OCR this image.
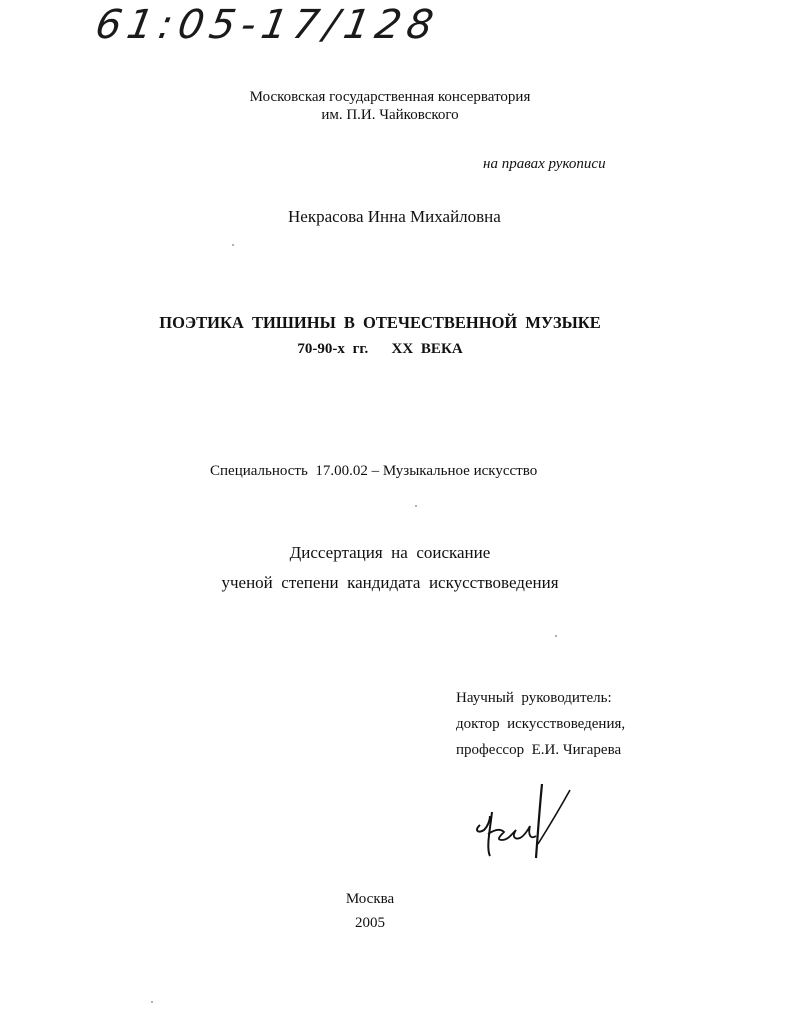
61:05-17/128
Московская государственная консерватория
им. П.И. Чайковского
на правах рукописи
Некрасова Инна Михайловна
ПОЭТИКА ТИШИНЫ В ОТЕЧЕСТВЕННОЙ МУЗЫКЕ
70-90-х гг.   XX ВЕКА
Специальность  17.00.02 – Музыкальное искусство
Диссертация  на  соискание
ученой  степени  кандидата  искусствоведения
Научный  руководитель:
доктор  искусствоведения,
профессор  Е.И. Чигарева
Москва
2005
